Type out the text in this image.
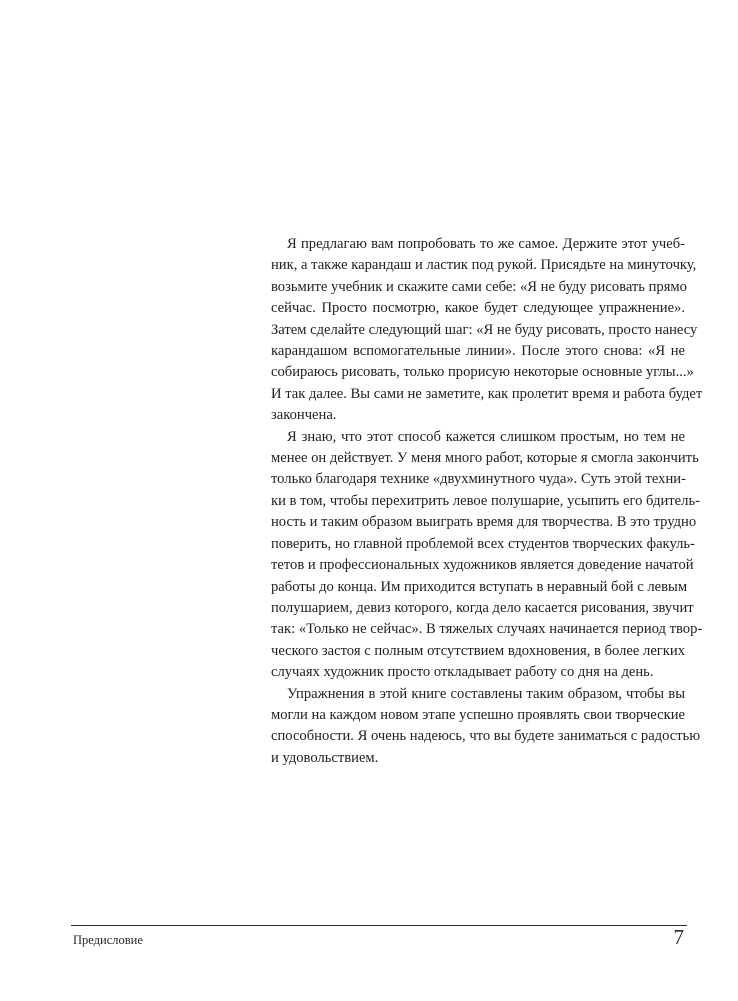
Я предлагаю вам попробовать то же самое. Держите этот учеб-
ник, а также карандаш и ластик под рукой. Присядьте на минуточку,
возьмите учебник и скажите сами себе: «Я не буду рисовать прямо
сейчас. Просто посмотрю, какое будет следующее упражнение».
Затем сделайте следующий шаг: «Я не буду рисовать, просто нанесу
карандашом вспомогательные линии». После этого снова: «Я не
собираюсь рисовать, только прорисую некоторые основные углы...»
И так далее. Вы сами не заметите, как пролетит время и работа будет
закончена.
Я знаю, что этот способ кажется слишком простым, но тем не
менее он действует. У меня много работ, которые я смогла закончить
только благодаря технике «двухминутного чуда». Суть этой техни-
ки в том, чтобы перехитрить левое полушарие, усыпить его бдитель-
ность и таким образом выиграть время для творчества. В это трудно
поверить, но главной проблемой всех студентов творческих факуль-
тетов и профессиональных художников является доведение начатой
работы до конца. Им приходится вступать в неравный бой с левым
полушарием, девиз которого, когда дело касается рисования, звучит
так: «Только не сейчас». В тяжелых случаях начинается период твор-
ческого застоя с полным отсутствием вдохновения, в более легких
случаях художник просто откладывает работу со дня на день.
Упражнения в этой книге составлены таким образом, чтобы вы
могли на каждом новом этапе успешно проявлять свои творческие
способности. Я очень надеюсь, что вы будете заниматься с радостью
и удовольствием.
Предисловие	7
